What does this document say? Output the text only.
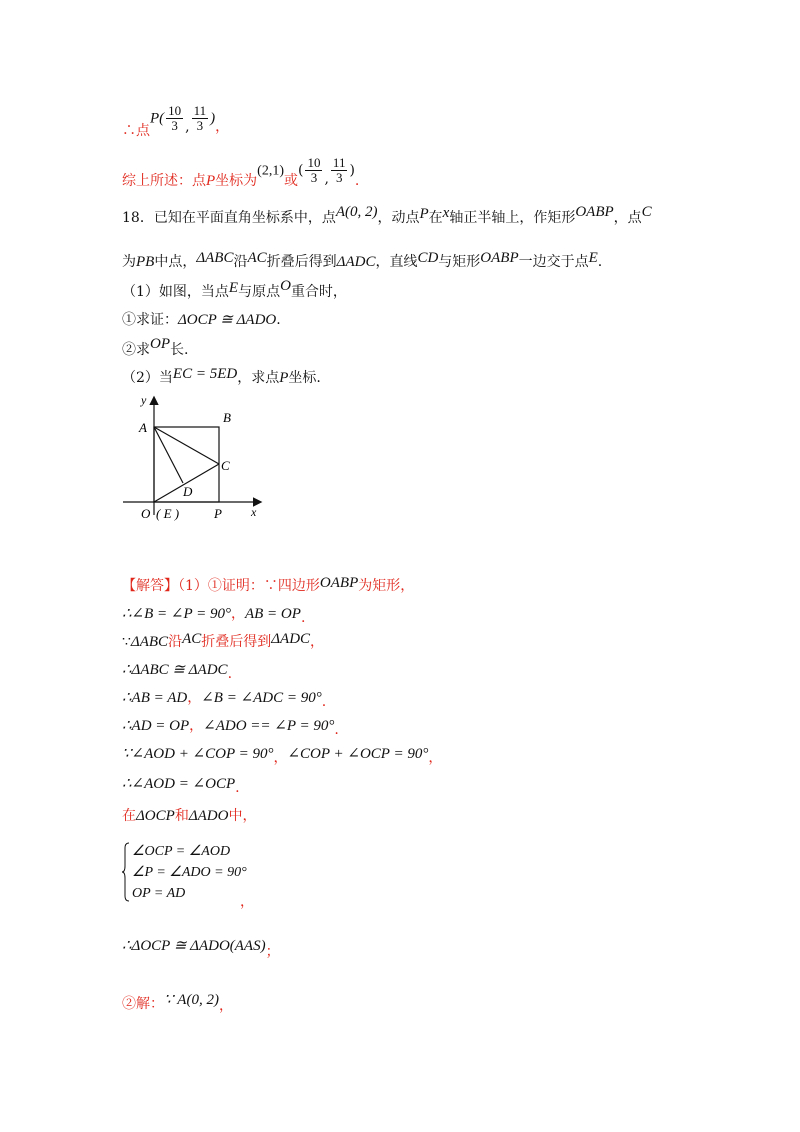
∴点$P( \frac{10}{3}$ , $\frac{11}{3}$ )，
综上所述：点P坐标为(2,1)或( $\frac{10}{3}$ , $\frac{11}{3}$ ).
18．已知在平面直角坐标系中，点A(0, 2)，动点P在x轴正半轴上，作矩形OABP，点C
为PB中点，ΔABC沿AC折叠后得到ΔADC，直线CD与矩形OABP一边交于点E.
（1）如图，当点E与原点O重合时，
①求证：ΔOCP ≅ ΔADO.
②求OP长.
（2）当EC = 5ED，求点P坐标.
y
x
A
B
C
D
O ( E )	P
【解答】（1）①证明：∵四边形OABP为矩形，
∴∠B = ∠P = 90°，AB = OP.
∵ΔABC沿AC折叠后得到ΔADC，
∴ΔABC ≅ ΔADC.
∴AB = AD，∠B = ∠ADC = 90°.
∴AD = OP，∠ADO == ∠P = 90°.
∵∠AOD + ∠COP = 90°，∠COP + ∠OCP = 90°，
∴∠AOD = ∠OCP.
在ΔOCP和ΔADO中，
∠OCP = ∠AOD
∠P = ∠ADO = 90°
OP = AD
，
∴ΔOCP ≅ ΔADO(AAS)；
②解：∵ A(0, 2)，
